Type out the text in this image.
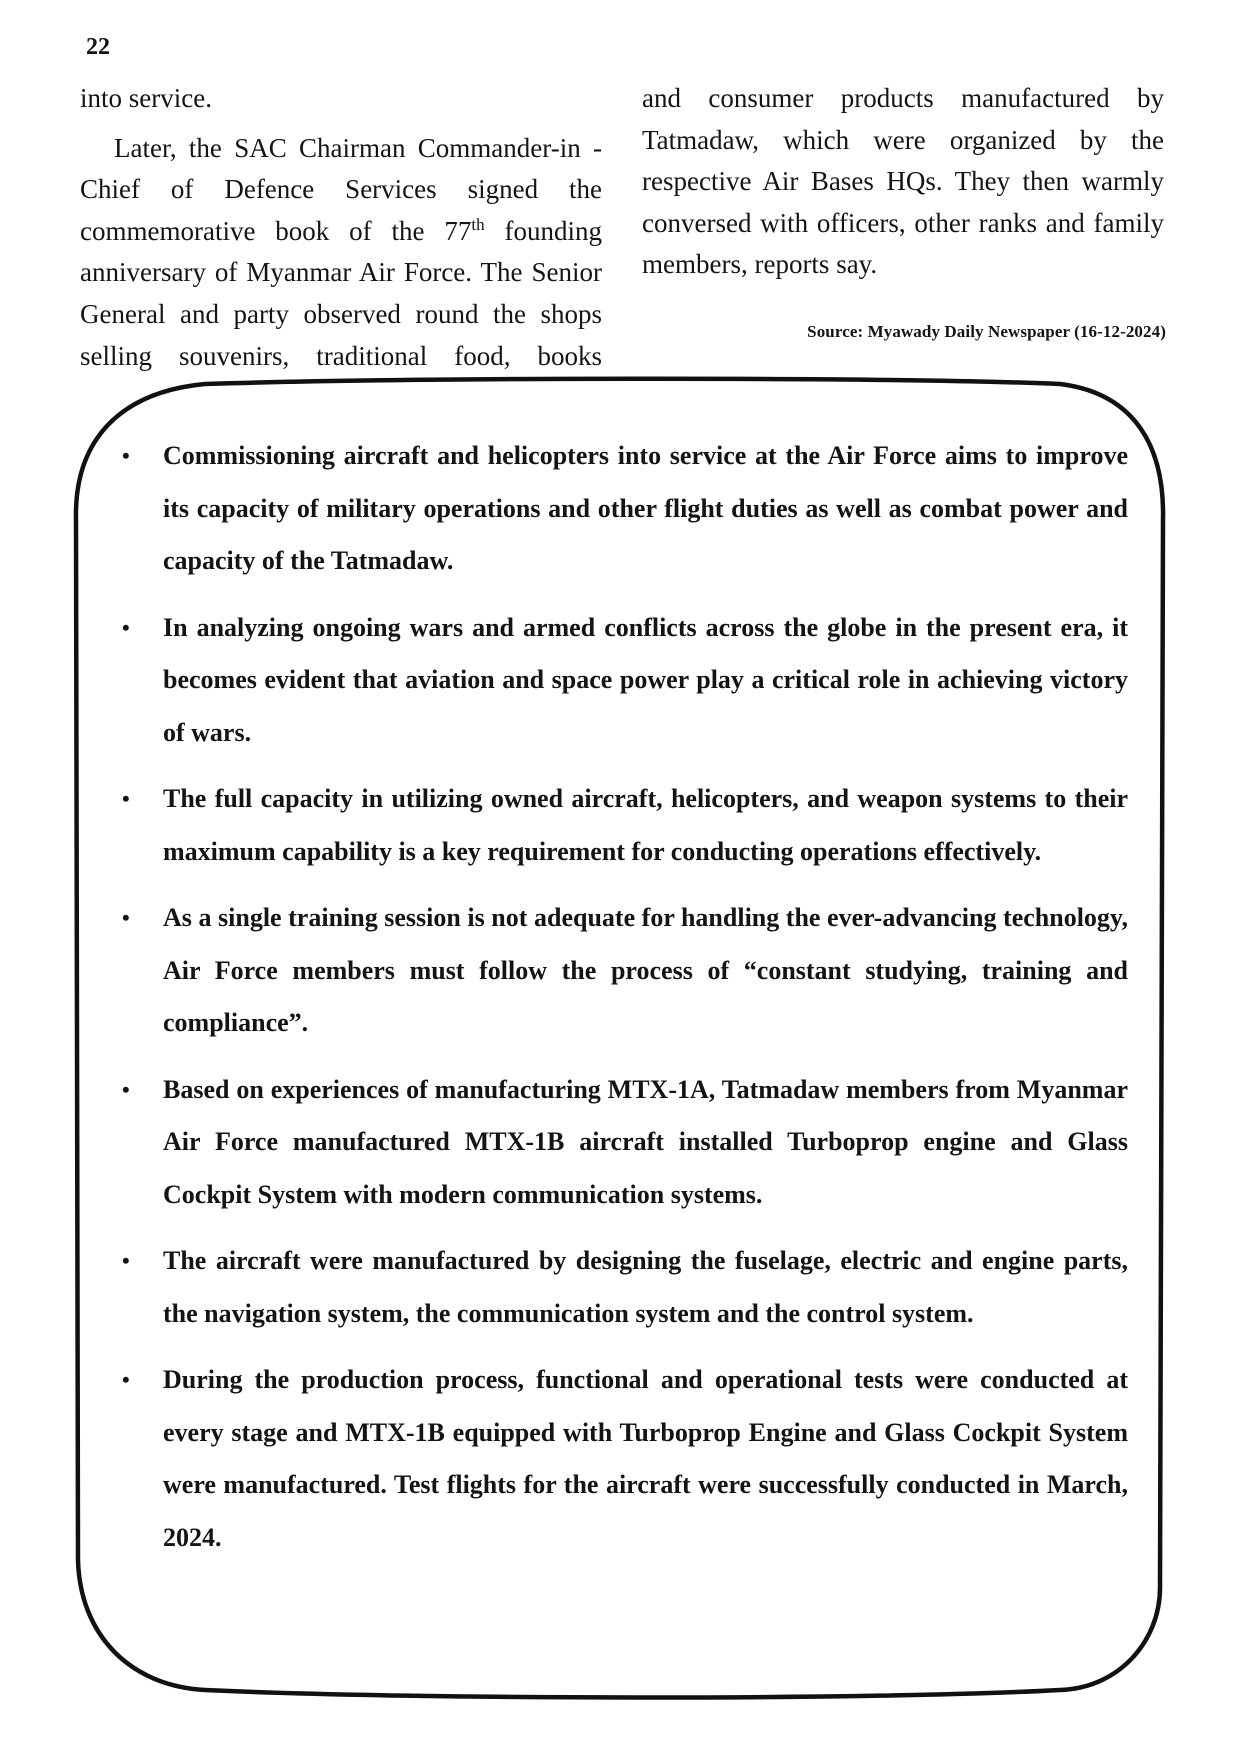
22

into service.

Later, the SAC Chairman Commander-in -Chief of Defence Services signed the commemorative book of the 77th founding anniversary of Myanmar Air Force. The Senior General and party observed round the shops selling souvenirs, traditional food, books

and consumer products manufactured by Tatmadaw, which were organized by the respective Air Bases HQs. They then warmly conversed with officers, other ranks and family members, reports say.

Source: Myawady Daily Newspaper (16-12-2024)
• Commissioning aircraft and helicopters into service at the Air Force aims to improve its capacity of military operations and other flight duties as well as combat power and capacity of the Tatmadaw.
• In analyzing ongoing wars and armed conflicts across the globe in the present era, it becomes evident that aviation and space power play a critical role in achieving victory of wars.
• The full capacity in utilizing owned aircraft, helicopters, and weapon systems to their maximum capability is a key requirement for conducting operations effectively.
• As a single training session is not adequate for handling the ever-advancing technology, Air Force members must follow the process of “constant studying, training and compliance”.
• Based on experiences of manufacturing MTX-1A, Tatmadaw members from Myanmar Air Force manufactured MTX-1B aircraft installed Turboprop engine and Glass Cockpit System with modern communication systems.
• The aircraft were manufactured by designing the fuselage, electric and engine parts, the navigation system, the communication system and the control system.
• During the production process, functional and operational tests were conducted at every stage and MTX-1B equipped with Turboprop Engine and Glass Cockpit System were manufactured. Test flights for the aircraft were successfully conducted in March, 2024.
